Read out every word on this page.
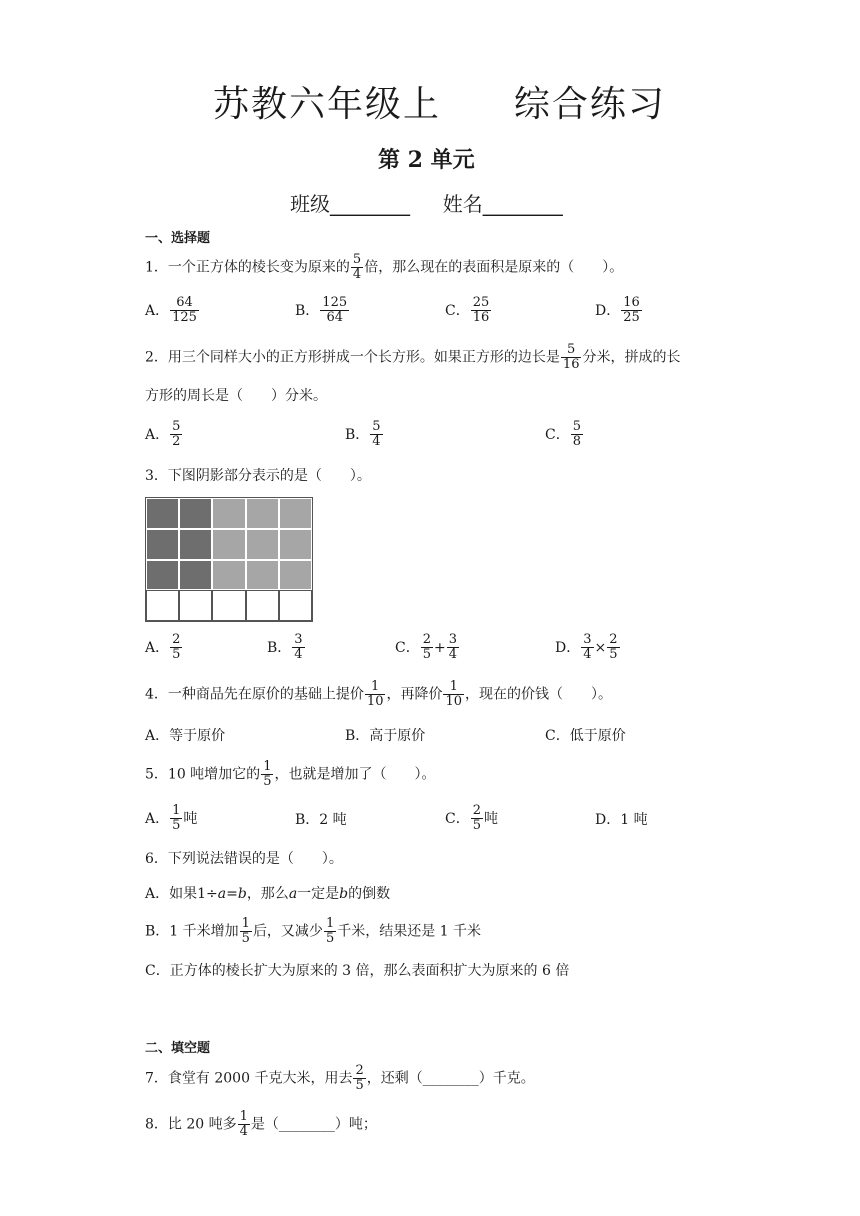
苏教六年级上 综合练习
第 2 单元
班级________ 姓名________
一、选择题
1．一个正方体的棱长变为原来的 $\frac{5}{4}$ 倍，那么现在的表面积是原来的（　　）。
A． $\frac{64}{125}$	B． $\frac{125}{64}$	C． $\frac{25}{16}$	D． $\frac{16}{25}$
2．用三个同样大小的正方形拼成一个长方形。如果正方形的边长是 $\frac{5}{16}$ 分米，拼成的长
方形的周长是（　　）分米。
A． $\frac{5}{2}$	B． $\frac{5}{4}$	C． $\frac{5}{8}$
3．下图阴影部分表示的是（　　）。
A． $\frac{2}{5}$	B． $\frac{3}{4}$	C． $\frac{2}{5} + \frac{3}{4}$	D． $\frac{3}{4} \times \frac{2}{5}$
4．一种商品先在原价的基础上提价 $\frac{1}{10}$ ，再降价 $\frac{1}{10}$ ，现在的价钱（　　）。
A．等于原价	B．高于原价	C．低于原价
5．10 吨增加它的 $\frac{1}{5}$ ，也就是增加了（　　）。
A． $\frac{1}{5}$ 吨	B．2 吨	C． $\frac{2}{5}$ 吨	D．1 吨
6．下列说法错误的是（　　）。
A．如果1÷a=b，那么a一定是b的倒数
B．1 千米增加 $\frac{1}{5}$ 后，又减少 $\frac{1}{5}$ 千米，结果还是 1 千米
C．正方体的棱长扩大为原来的 3 倍，那么表面积扩大为原来的 6 倍
二、填空题
7．食堂有 2000 千克大米，用去 $\frac{2}{5}$ ，还剩（________）千克。
8．比 20 吨多 $\frac{1}{4}$ 是（________）吨；
